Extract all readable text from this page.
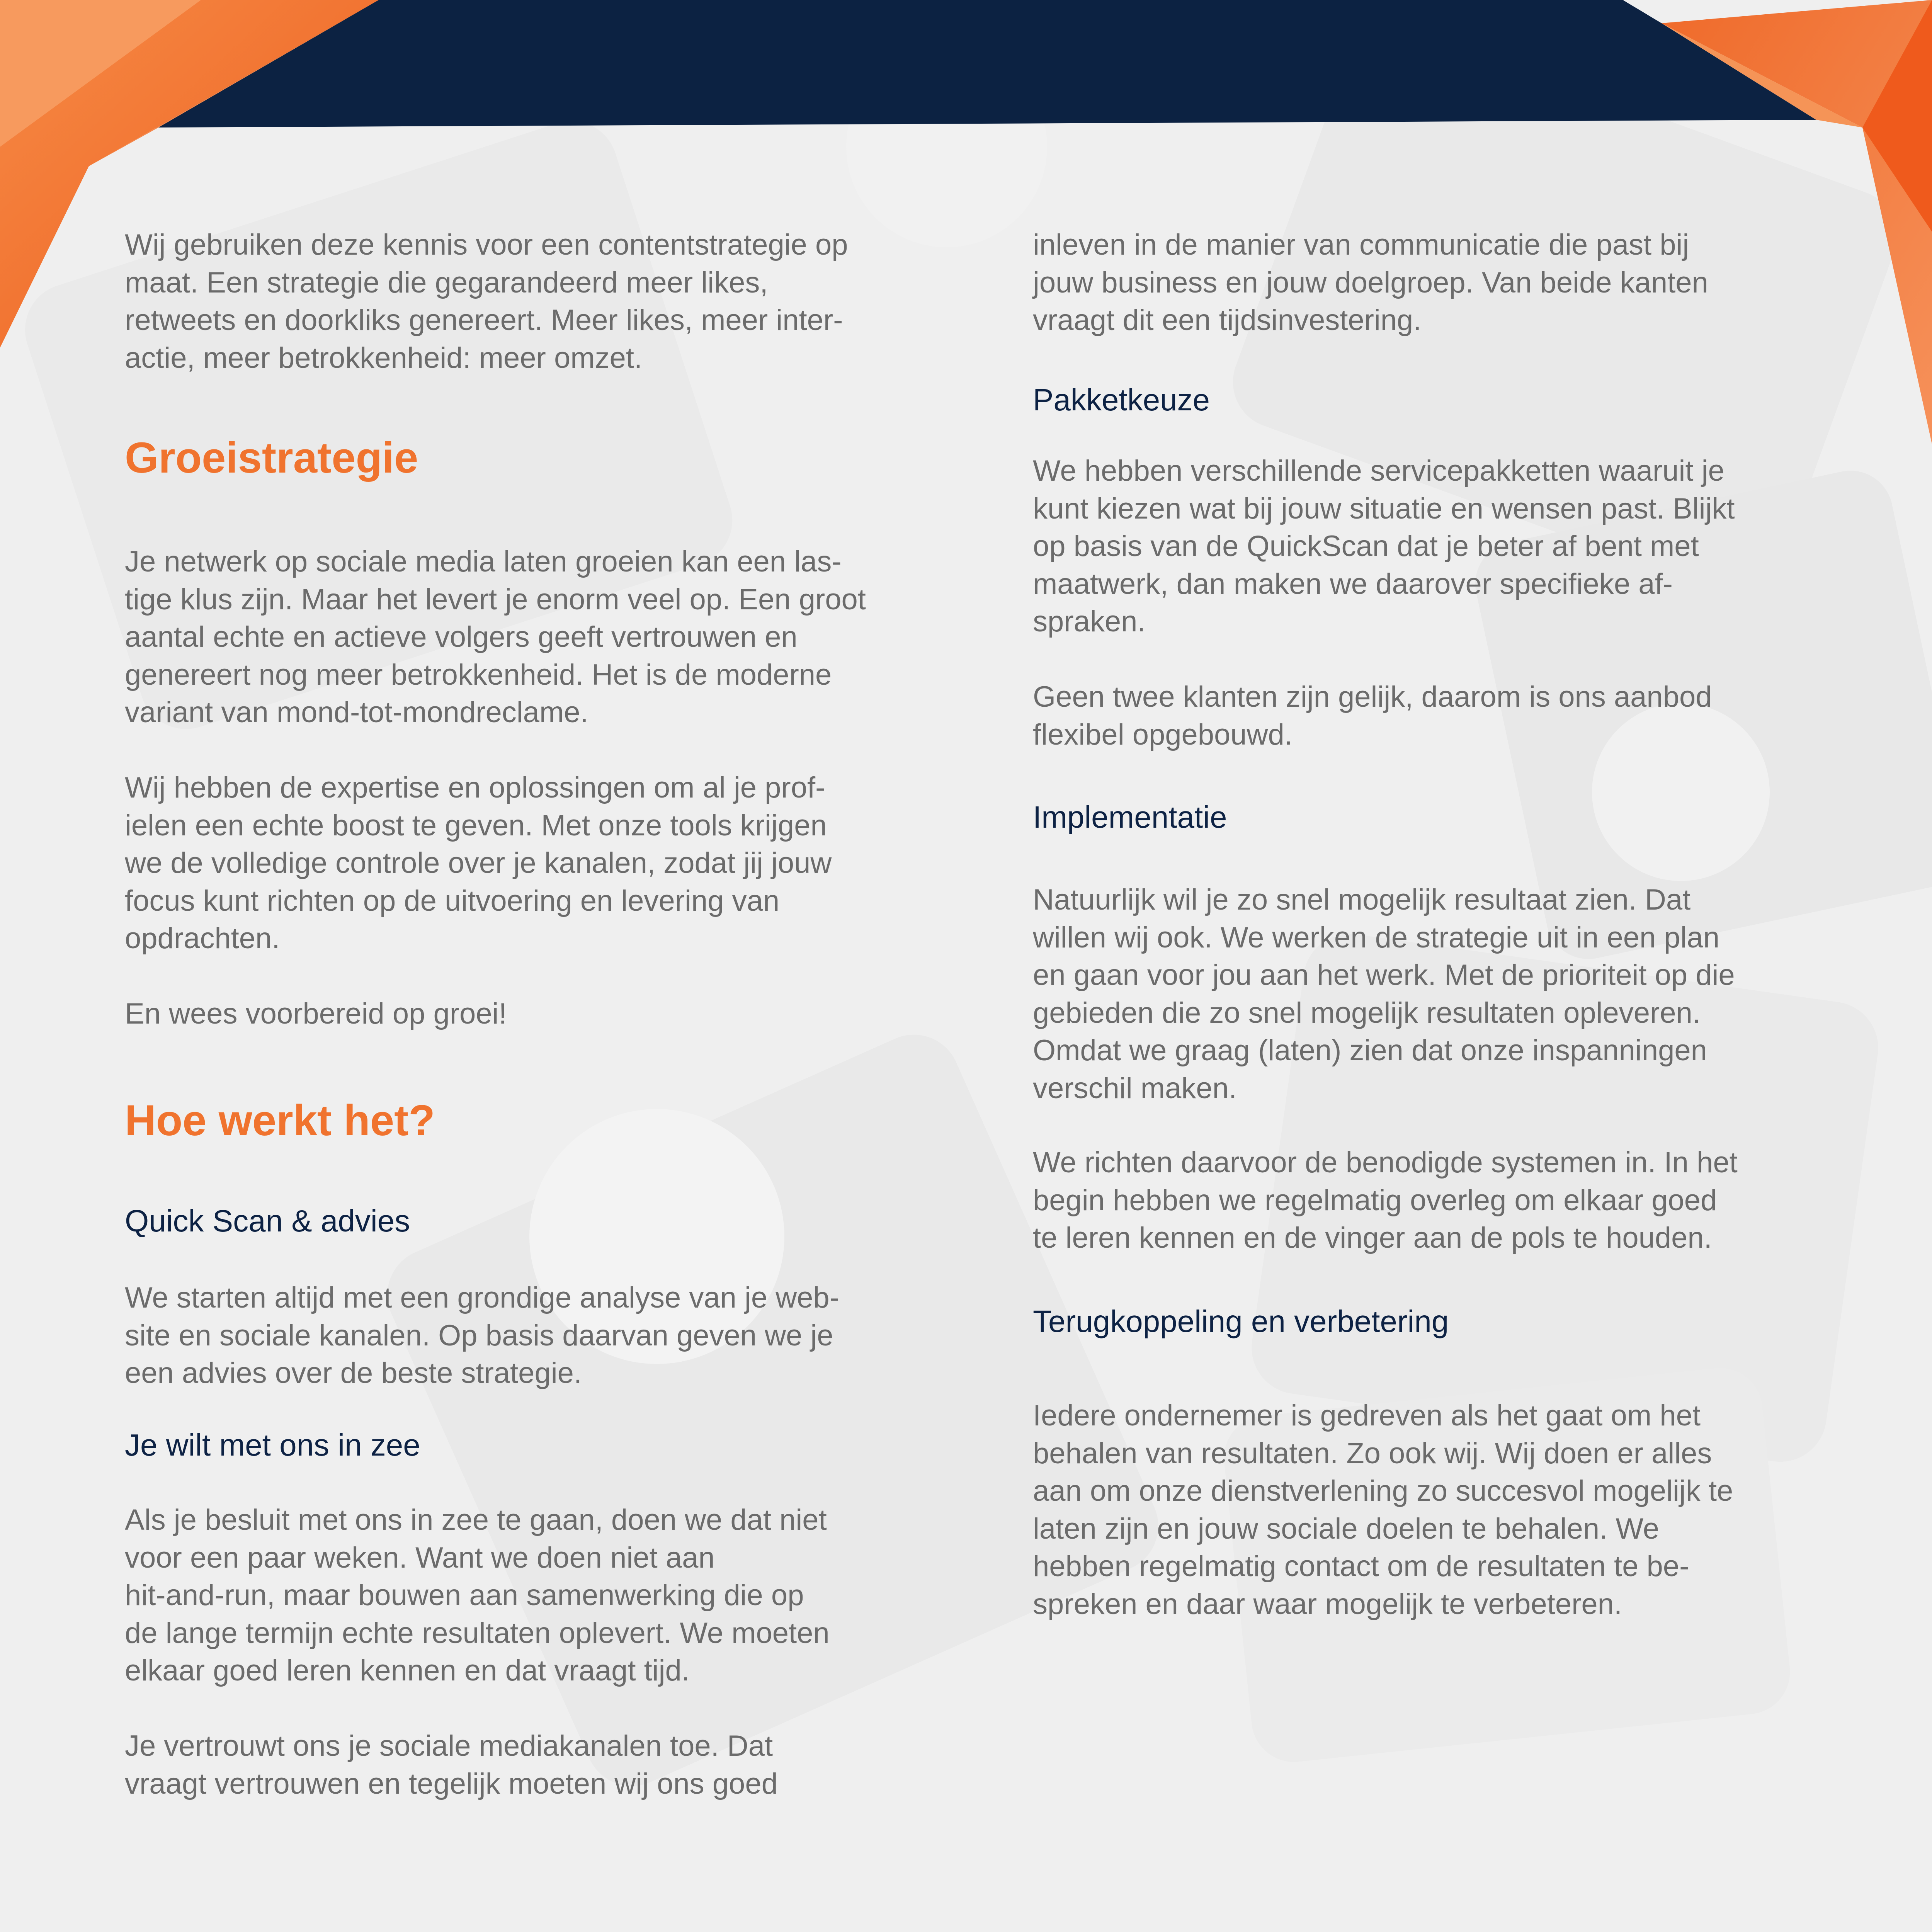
Wij gebruiken deze kennis voor een contentstrategie op
maat. Een strategie die gegarandeerd meer likes,
retweets en doorkliks genereert. Meer likes, meer inter-
actie, meer betrokkenheid: meer omzet.

Groeistrategie

Je netwerk op sociale media laten groeien kan een las-
tige klus zijn. Maar het levert je enorm veel op. Een groot
aantal echte en actieve volgers geeft vertrouwen en
genereert nog meer betrokkenheid. Het is de moderne
variant van mond-tot-mondreclame.

Wij hebben de expertise en oplossingen om al je prof-
ielen een echte boost te geven. Met onze tools krijgen
we de volledige controle over je kanalen, zodat jij jouw
focus kunt richten op de uitvoering en levering van
opdrachten.

En wees voorbereid op groei!

Hoe werkt het?
Quick Scan & advies

We starten altijd met een grondige analyse van je web-
site en sociale kanalen. Op basis daarvan geven we je
een advies over de beste strategie.

Je wilt met ons in zee

Als je besluit met ons in zee te gaan, doen we dat niet
voor een paar weken. Want we doen niet aan
hit-and-run, maar bouwen aan samenwerking die op
de lange termijn echte resultaten oplevert. We moeten
elkaar goed leren kennen en dat vraagt tijd.

Je vertrouwt ons je sociale mediakanalen toe. Dat
vraagt vertrouwen en tegelijk moeten wij ons goed

inleven in de manier van communicatie die past bij
jouw business en jouw doelgroep. Van beide kanten
vraagt dit een tijdsinvestering.

Pakketkeuze

We hebben verschillende servicepakketten waaruit je
kunt kiezen wat bij jouw situatie en wensen past. Blijkt
op basis van de QuickScan dat je beter af bent met
maatwerk, dan maken we daarover specifieke af-
spraken.

Geen twee klanten zijn gelijk, daarom is ons aanbod
flexibel opgebouwd.

Implementatie

Natuurlijk wil je zo snel mogelijk resultaat zien. Dat
willen wij ook. We werken de strategie uit in een plan
en gaan voor jou aan het werk. Met de prioriteit op die
gebieden die zo snel mogelijk resultaten opleveren.
Omdat we graag (laten) zien dat onze inspanningen
verschil maken.

We richten daarvoor de benodigde systemen in. In het
begin hebben we regelmatig overleg om elkaar goed
te leren kennen en de vinger aan de pols te houden.

Terugkoppeling en verbetering

Iedere ondernemer is gedreven als het gaat om het
behalen van resultaten. Zo ook wij. Wij doen er alles
aan om onze dienstverlening zo succesvol mogelijk te
laten zijn en jouw sociale doelen te behalen. We
hebben regelmatig contact om de resultaten te be-
spreken en daar waar mogelijk te verbeteren.
